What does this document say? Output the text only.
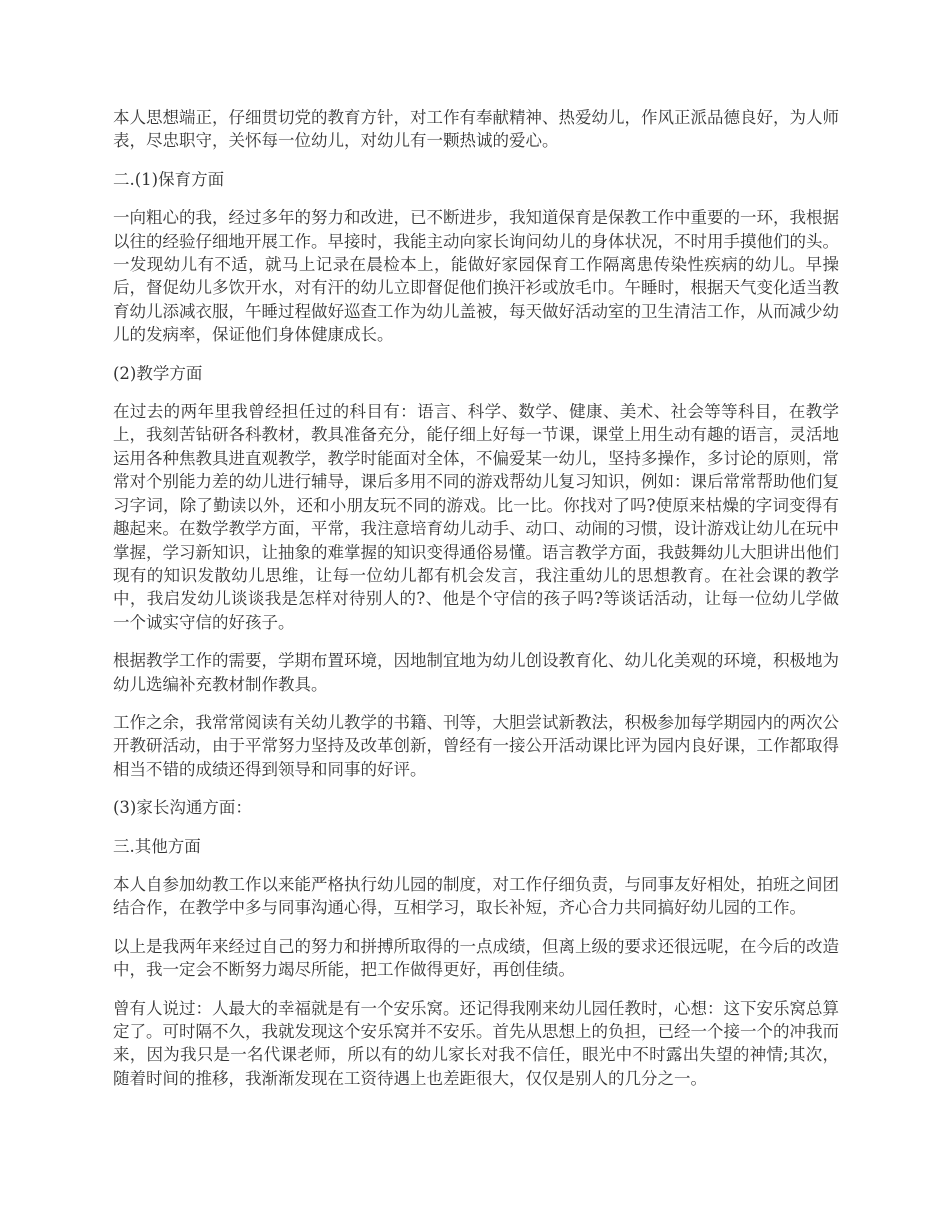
本人思想端正，仔细贯切党的教育方针，对工作有奉献精神、热爱幼儿，作风正派品德良好，为人师表，尽忠职守，关怀每一位幼儿，对幼儿有一颗热诚的爱心。

二.(1)保育方面

一向粗心的我，经过多年的努力和改进，已不断进步，我知道保育是保教工作中重要的一环，我根据以往的经验仔细地开展工作。早接时，我能主动向家长询问幼儿的身体状况，不时用手摸他们的头。一发现幼儿有不适，就马上记录在晨检本上，能做好家园保育工作隔离患传染性疾病的幼儿。早操后，督促幼儿多饮开水，对有汗的幼儿立即督促他们换汗衫或放毛巾。午睡时，根据天气变化适当教育幼儿添减衣服，午睡过程做好巡查工作为幼儿盖被，每天做好活动室的卫生清洁工作，从而减少幼儿的发病率，保证他们身体健康成长。

(2)教学方面

在过去的两年里我曾经担任过的科目有：语言、科学、数学、健康、美术、社会等等科目，在教学上，我刻苦钻研各科教材，教具准备充分，能仔细上好每一节课，课堂上用生动有趣的语言，灵活地运用各种焦教具进直观教学，教学时能面对全体，不偏爱某一幼儿，坚持多操作，多讨论的原则，常常对个别能力差的幼儿进行辅导，课后多用不同的游戏帮幼儿复习知识，例如：课后常常帮助他们复习字词，除了勤读以外，还和小朋友玩不同的游戏。比一比。你找对了吗?使原来枯燥的字词变得有趣起来。在数学教学方面，平常，我注意培育幼儿动手、动口、动闹的习惯，设计游戏让幼儿在玩中掌握，学习新知识，让抽象的难掌握的知识变得通俗易懂。语言教学方面，我鼓舞幼儿大胆讲出他们现有的知识发散幼儿思维，让每一位幼儿都有机会发言，我注重幼儿的思想教育。在社会课的教学中，我启发幼儿谈谈我是怎样对待别人的?、他是个守信的孩子吗?等谈话活动，让每一位幼儿学做一个诚实守信的好孩子。

根据教学工作的需要，学期布置环境，因地制宜地为幼儿创设教育化、幼儿化美观的环境，积极地为幼儿选编补充教材制作教具。

工作之余，我常常阅读有关幼儿教学的书籍、刊等，大胆尝试新教法，积极参加每学期园内的两次公开教研活动，由于平常努力坚持及改革创新，曾经有一接公开活动课比评为园内良好课，工作都取得相当不错的成绩还得到领导和同事的好评。

(3)家长沟通方面：

三.其他方面

本人自参加幼教工作以来能严格执行幼儿园的制度，对工作仔细负责，与同事友好相处，拍班之间团结合作，在教学中多与同事沟通心得，互相学习，取长补短，齐心合力共同搞好幼儿园的工作。

以上是我两年来经过自己的努力和拼搏所取得的一点成绩，但离上级的要求还很远呢，在今后的改造中，我一定会不断努力竭尽所能，把工作做得更好，再创佳绩。

曾有人说过：人最大的幸福就是有一个安乐窝。还记得我刚来幼儿园任教时，心想：这下安乐窝总算定了。可时隔不久，我就发现这个安乐窝并不安乐。首先从思想上的负担，已经一个接一个的冲我而来，因为我只是一名代课老师，所以有的幼儿家长对我不信任，眼光中不时露出失望的神情;其次，随着时间的推移，我渐渐发现在工资待遇上也差距很大，仅仅是别人的几分之一。
